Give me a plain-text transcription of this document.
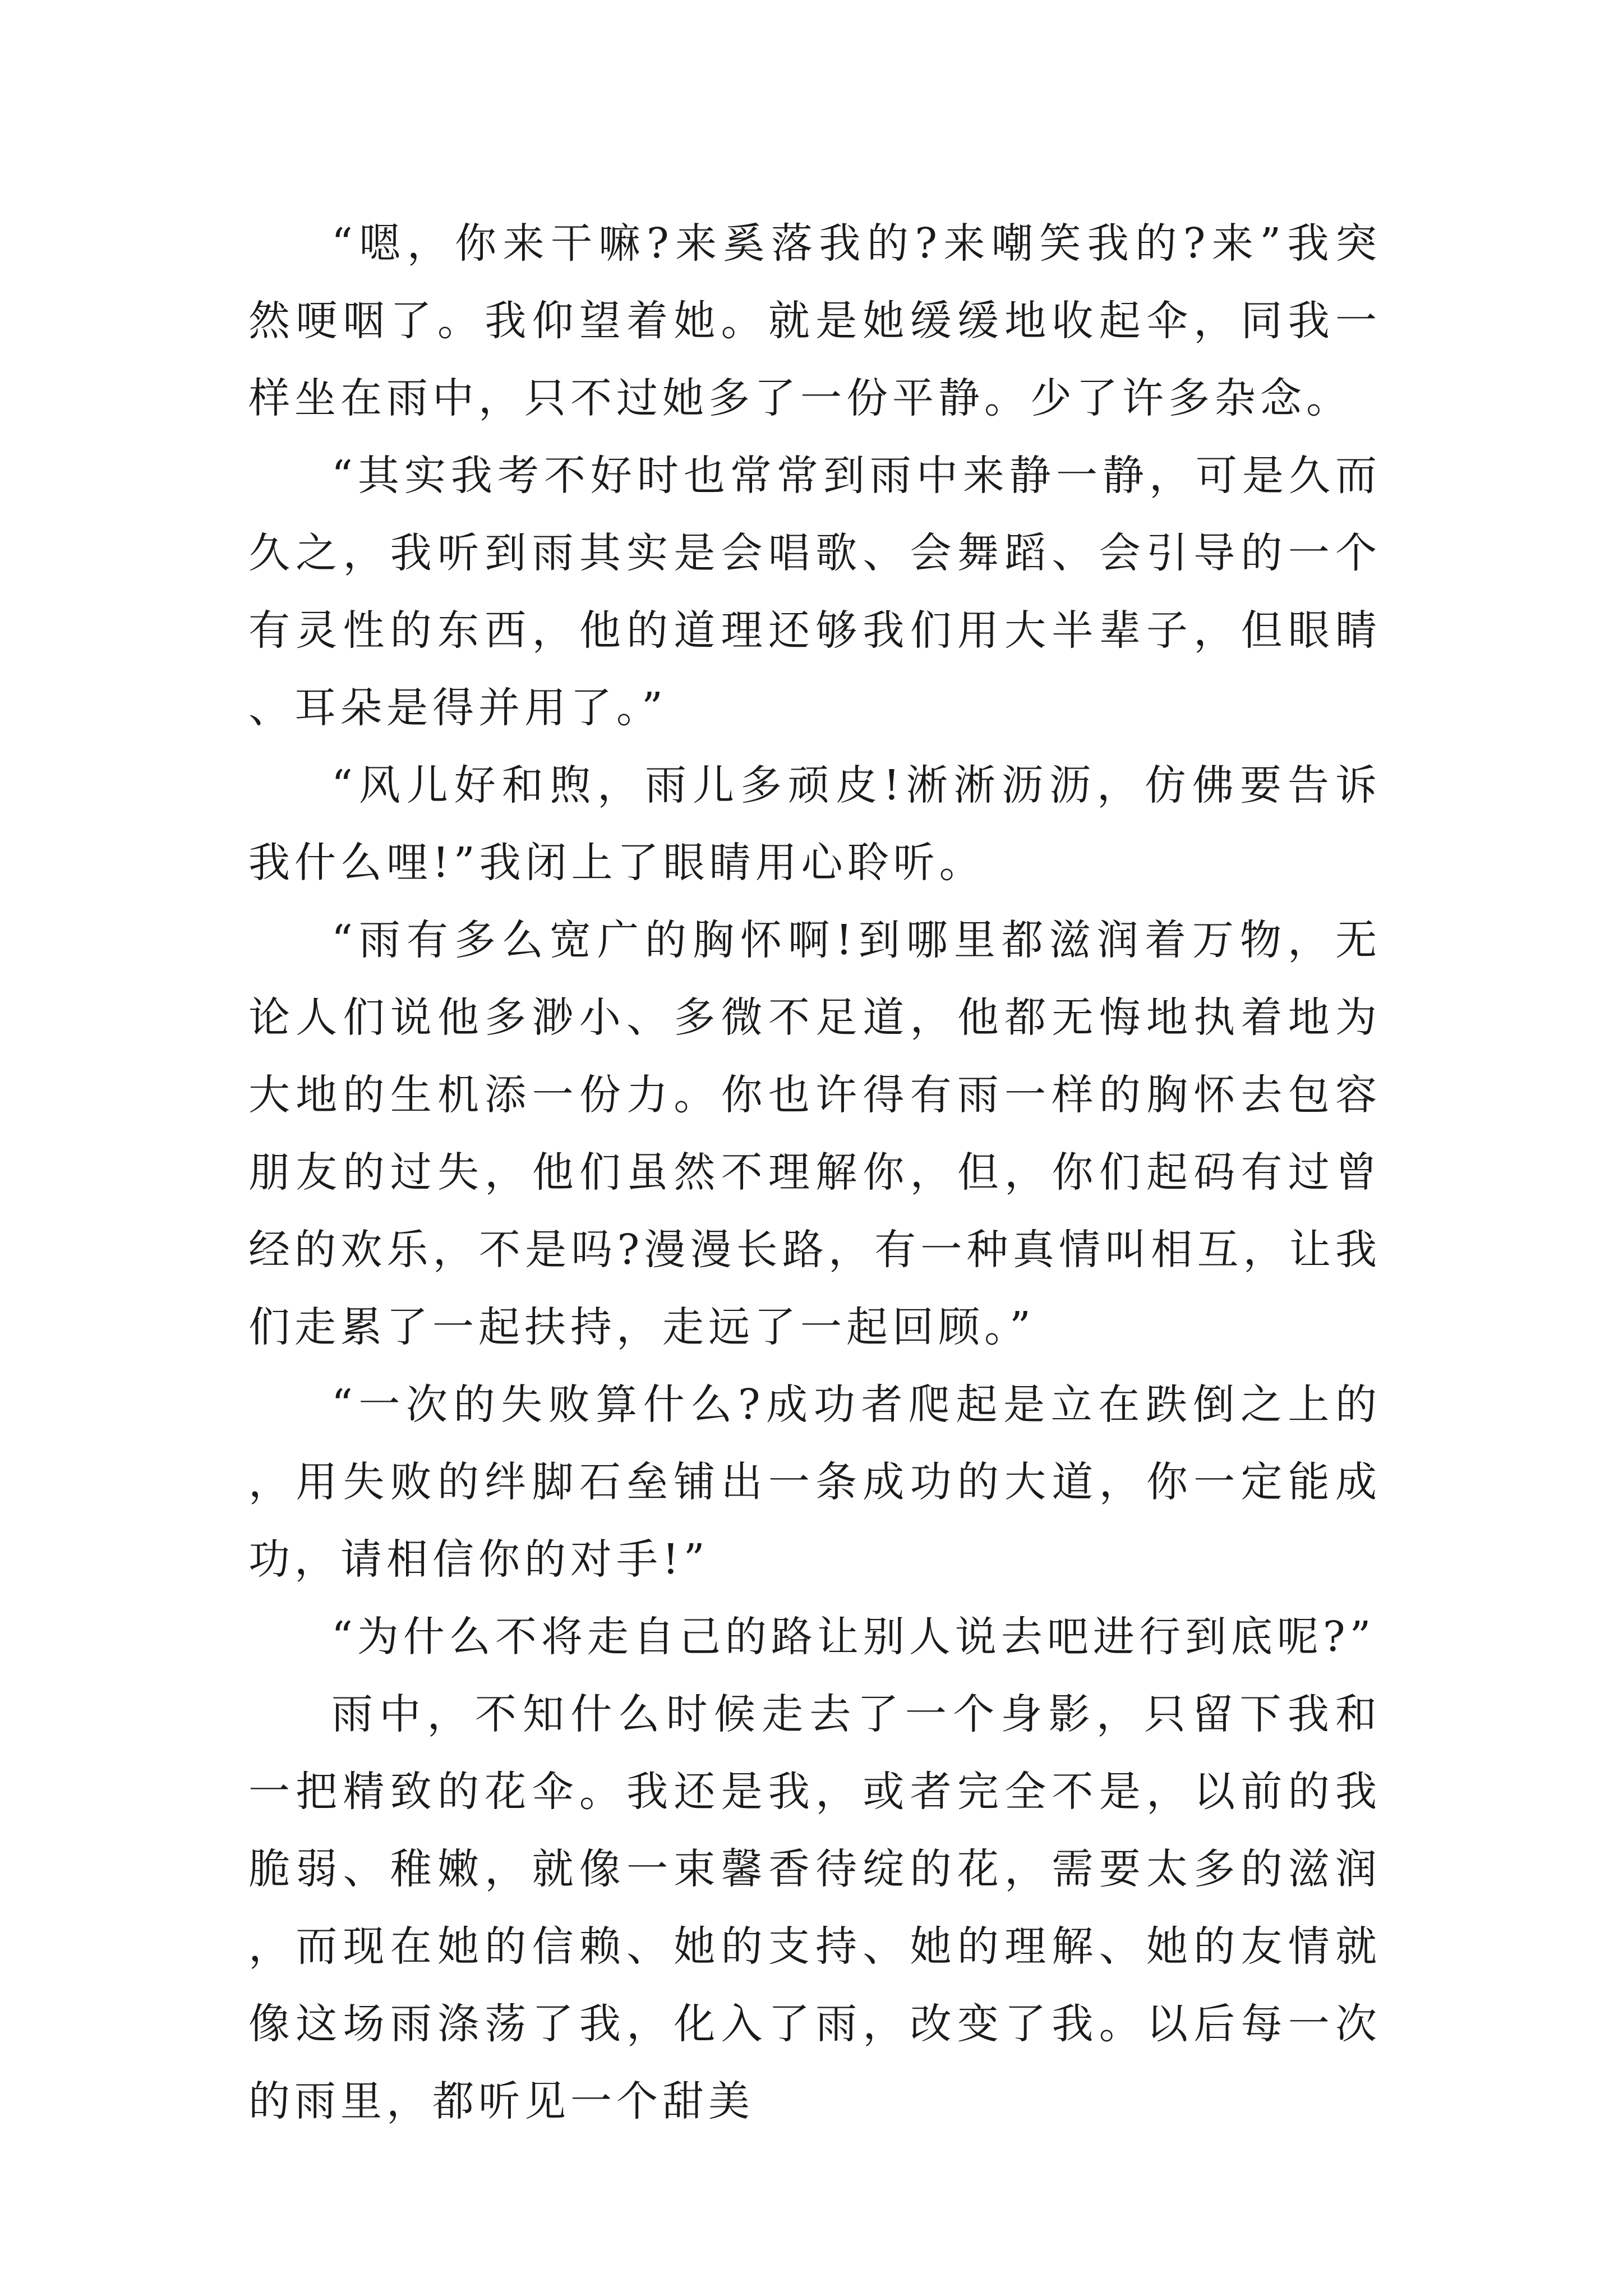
“嗯，你来干嘛?来奚落我的?来嘲笑我的?来”我突然哽咽了。我仰望着她。就是她缓缓地收起伞，同我一样坐在雨中，只不过她多了一份平静。少了许多杂念。

“其实我考不好时也常常到雨中来静一静，可是久而久之，我听到雨其实是会唱歌、会舞蹈、会引导的一个有灵性的东西，他的道理还够我们用大半辈子，但眼睛、耳朵是得并用了。”

“风儿好和煦，雨儿多顽皮!淅淅沥沥，仿佛要告诉我什么哩!”我闭上了眼睛用心聆听。

“雨有多么宽广的胸怀啊!到哪里都滋润着万物，无论人们说他多渺小、多微不足道，他都无悔地执着地为大地的生机添一份力。你也许得有雨一样的胸怀去包容朋友的过失，他们虽然不理解你，但，你们起码有过曾经的欢乐，不是吗?漫漫长路，有一种真情叫相互，让我们走累了一起扶持，走远了一起回顾。”

“一次的失败算什么?成功者爬起是立在跌倒之上的，用失败的绊脚石垒铺出一条成功的大道，你一定能成功，请相信你的对手!”

“为什么不将走自己的路让别人说去吧进行到底呢?”

雨中，不知什么时候走去了一个身影，只留下我和一把精致的花伞。我还是我，或者完全不是，以前的我脆弱、稚嫩，就像一束馨香待绽的花，需要太多的滋润，而现在她的信赖、她的支持、她的理解、她的友情就像这场雨涤荡了我，化入了雨，改变了我。以后每一次的雨里，都听见一个甜美
